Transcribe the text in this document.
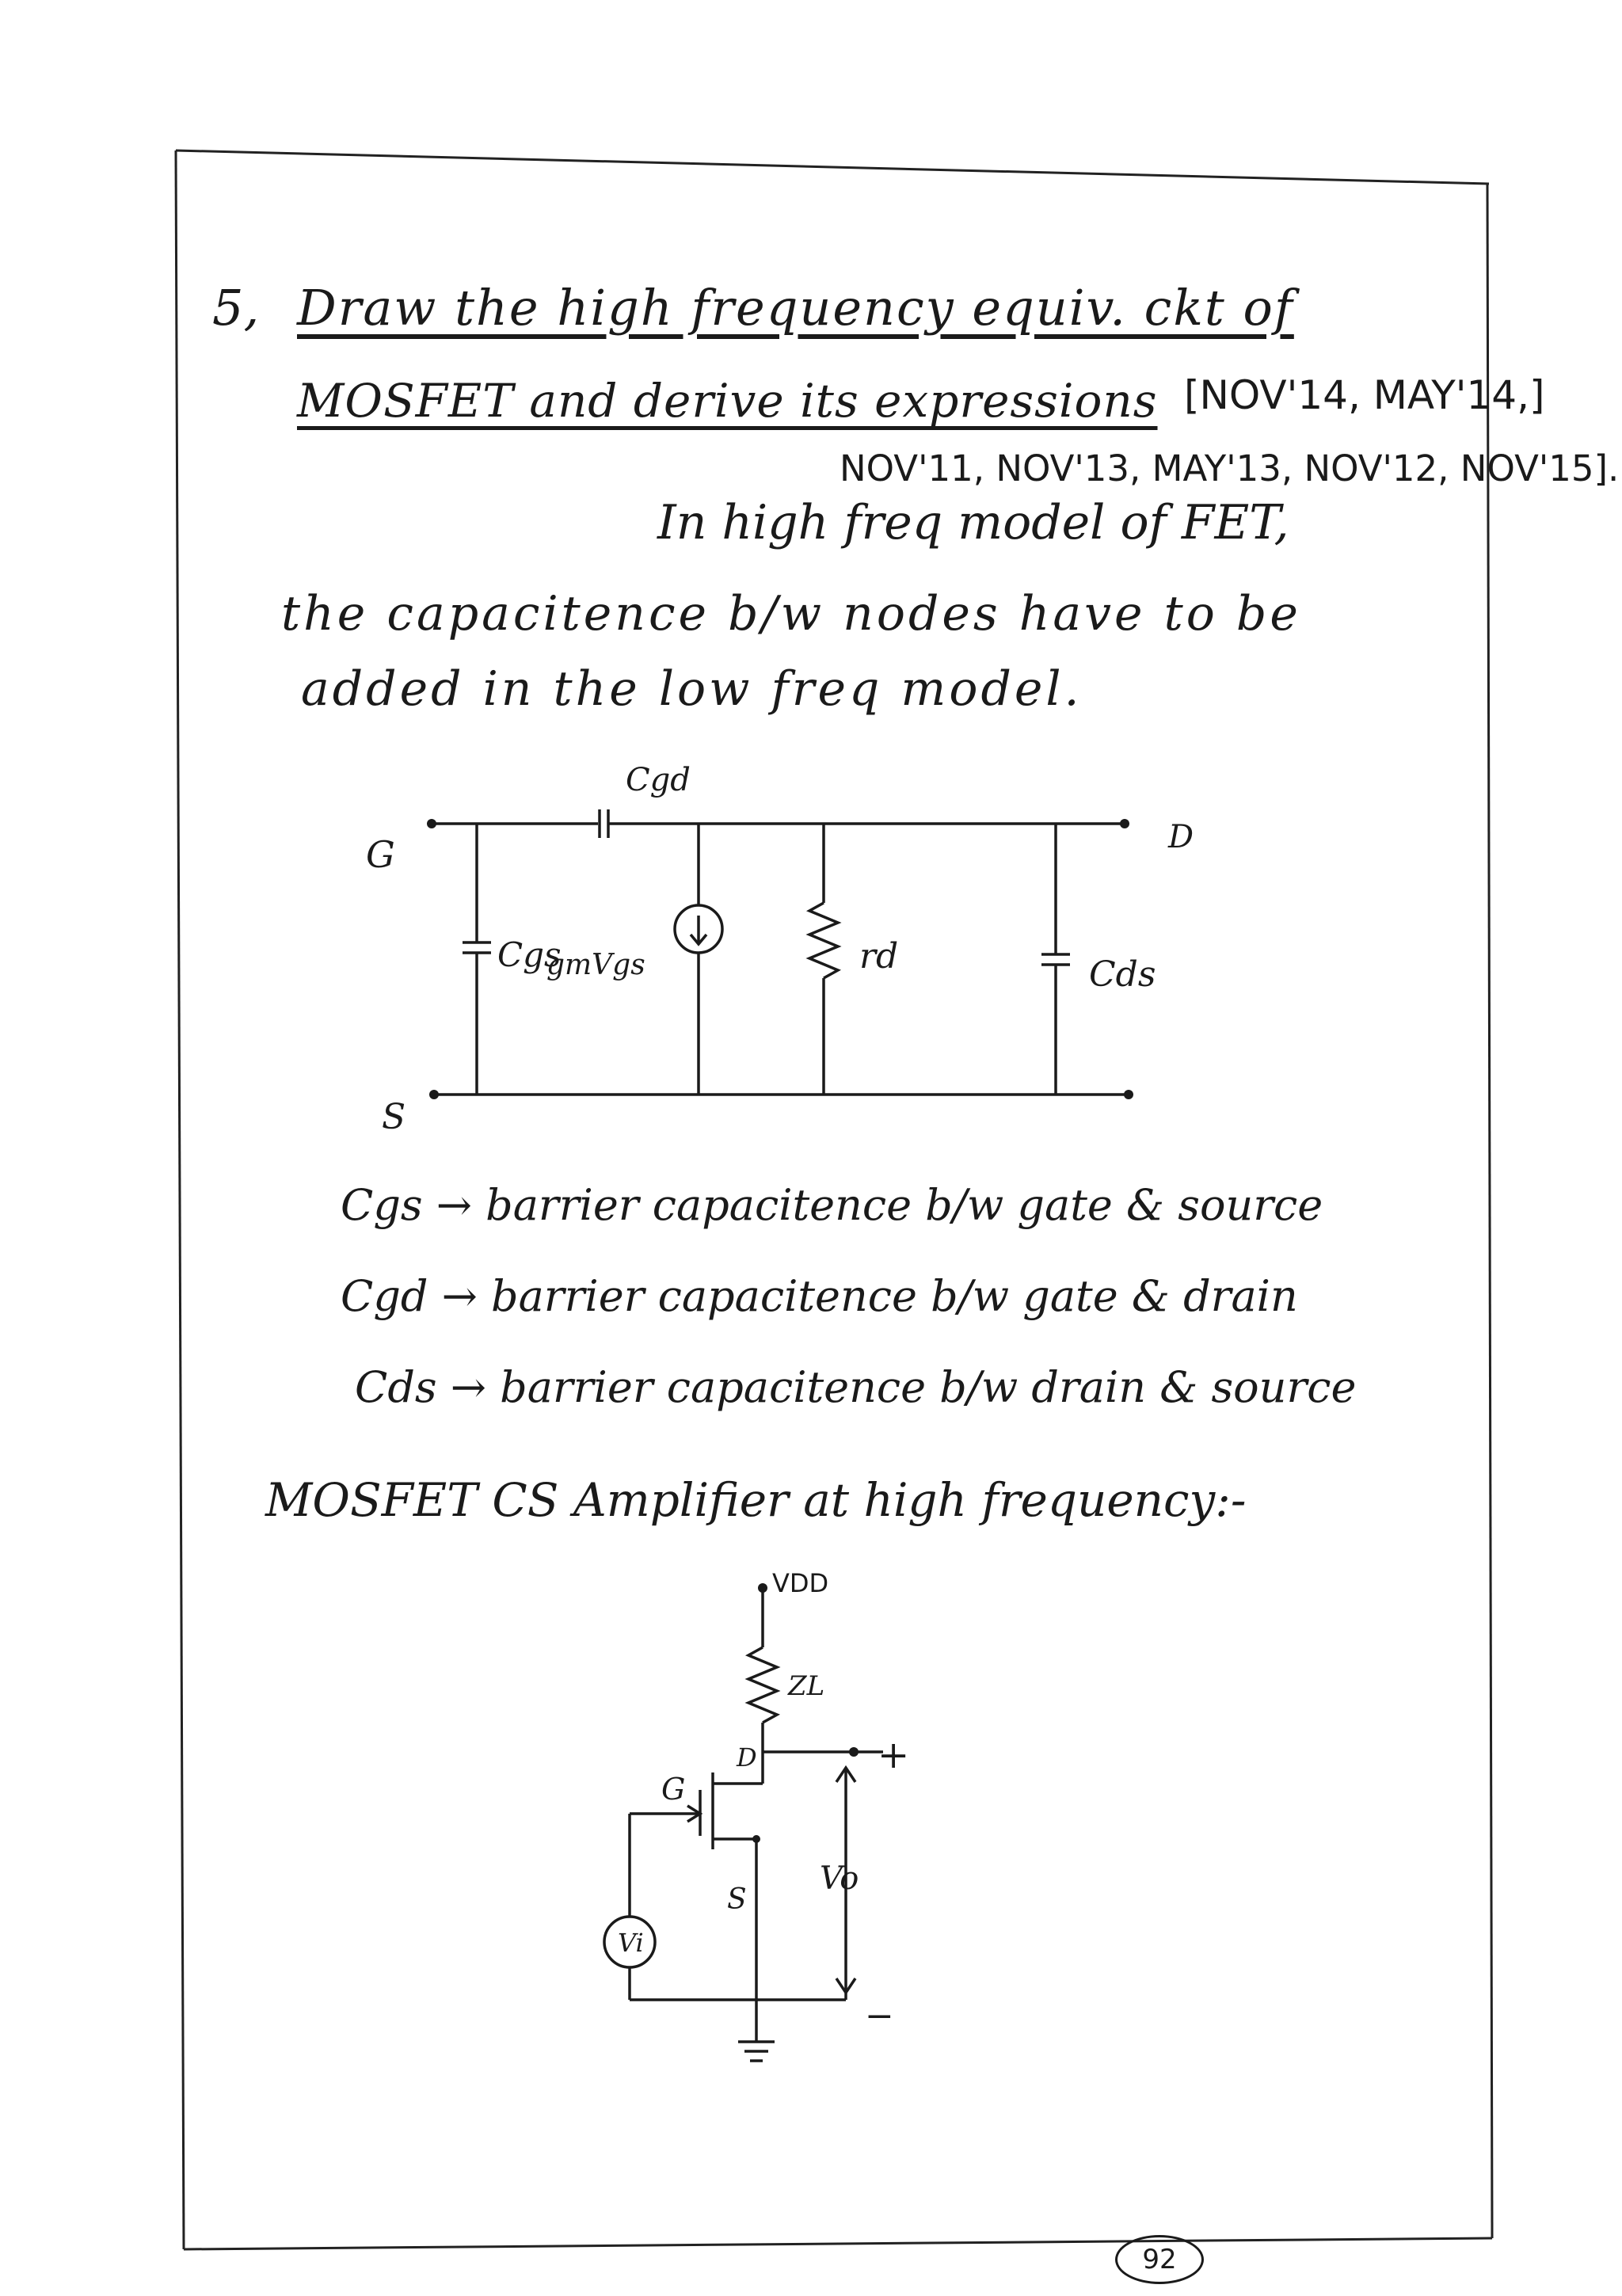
5, Draw the high frequency equiv. ckt of
MOSFET and derive its expressions [NOV'14, MAY'14,]
NOV'11, NOV'13, MAY'13, NOV'12, NOV'15].
In high freq model of FET,
the capacitence b/w nodes have to be
added in the low freq model.
G	D
S
Cgd
Cgs
gmVgs	rd	Cds
Cgs → barrier capacitence b/w gate & source
Cgd → barrier capacitence b/w gate & drain
Cds → barrier capacitence b/w drain & source
MOSFET CS Amplifier at high frequency:-
VDD
ZL
D
G
S
Vi
Vo
+
−
92
